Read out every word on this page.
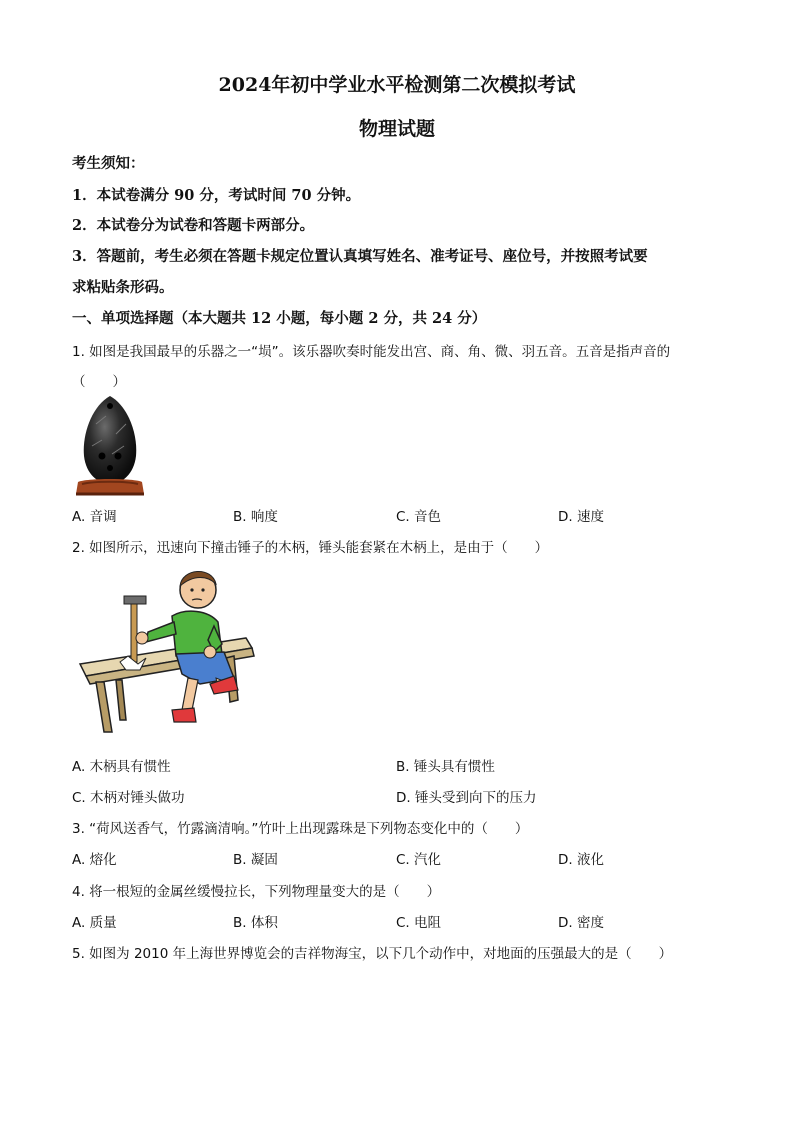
2024年初中学业水平检测第二次模拟考试
物理试题
考生须知：
1．本试卷满分 90 分，考试时间 70 分钟。
2．本试卷分为试卷和答题卡两部分。
3．答题前，考生必须在答题卡规定位置认真填写姓名、准考证号、座位号，并按照考试要
求粘贴条形码。
一、单项选择题（本大题共 12 小题，每小题 2 分，共 24 分）
1. 如图是我国最早的乐器之一“埙”。该乐器吹奏时能发出宫、商、角、微、羽五音。五音是指声音的
（　　）
A. 音调	B. 响度	C. 音色	D. 速度
2. 如图所示，迅速向下撞击锤子的木柄，锤头能套紧在木柄上，是由于（　　）
A. 木柄具有惯性	B. 锤头具有惯性
C. 木柄对锤头做功	D. 锤头受到向下的压力
3. “荷风送香气，竹露滴清响。”竹叶上出现露珠是下列物态变化中的（　　）
A. 熔化	B. 凝固	C. 汽化	D. 液化
4. 将一根短的金属丝缓慢拉长，下列物理量变大的是（　　）
A. 质量	B. 体积	C. 电阻	D. 密度
5. 如图为 2010 年上海世界博览会的吉祥物海宝，以下几个动作中，对地面的压强最大的是（　　）
